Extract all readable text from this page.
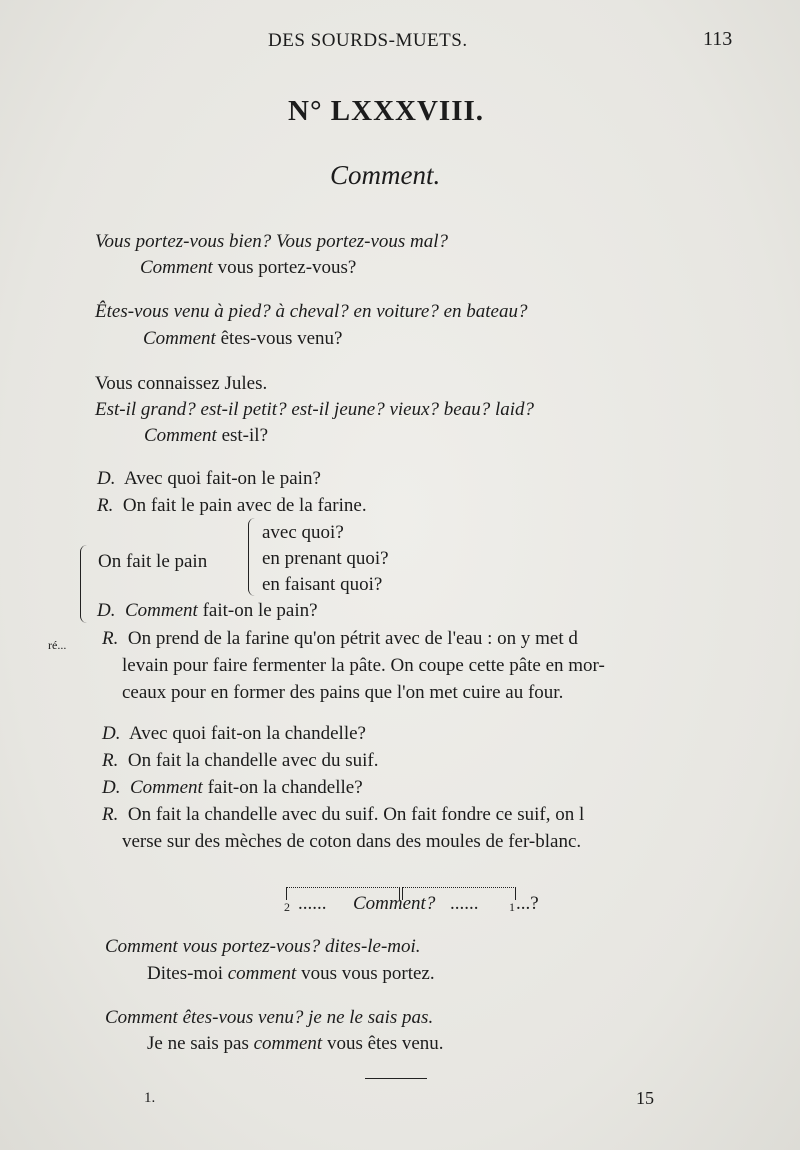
DES SOURDS-MUETS.	113
N° LXXXVIII.
Comment.
Vous portez-vous bien? Vous portez-vous mal?
Comment vous portez-vous?
Êtes-vous venu à pied? à cheval? en voiture? en bateau?
Comment êtes-vous venu?
Vous connaissez Jules.
Est-il grand? est-il petit? est-il jeune? vieux? beau? laid?
Comment est-il?
D. Avec quoi fait-on le pain?
R. On fait le pain avec de la farine.
On fait le pain
avec quoi?
en prenant quoi?
en faisant quoi?
D. Comment fait-on le pain?
ré... R. On prend de la farine qu'on pétrit avec de l'eau : on y met d
levain pour faire fermenter la pâte. On coupe cette pâte en mor-
ceaux pour en former des pains que l'on met cuire au four.
D. Avec quoi fait-on la chandelle?
R. On fait la chandelle avec du suif.
D. Comment fait-on la chandelle?
R. On fait la chandelle avec du suif. On fait fondre ce suif, on l
verse sur des mèches de coton dans des moules de fer-blanc.
2 ...... Comment? ......	1 ...?
Comment vous portez-vous? dites-le-moi.
Dites-moi comment vous vous portez.
Comment êtes-vous venu? je ne le sais pas.
Je ne sais pas comment vous êtes venu.
1.	15
